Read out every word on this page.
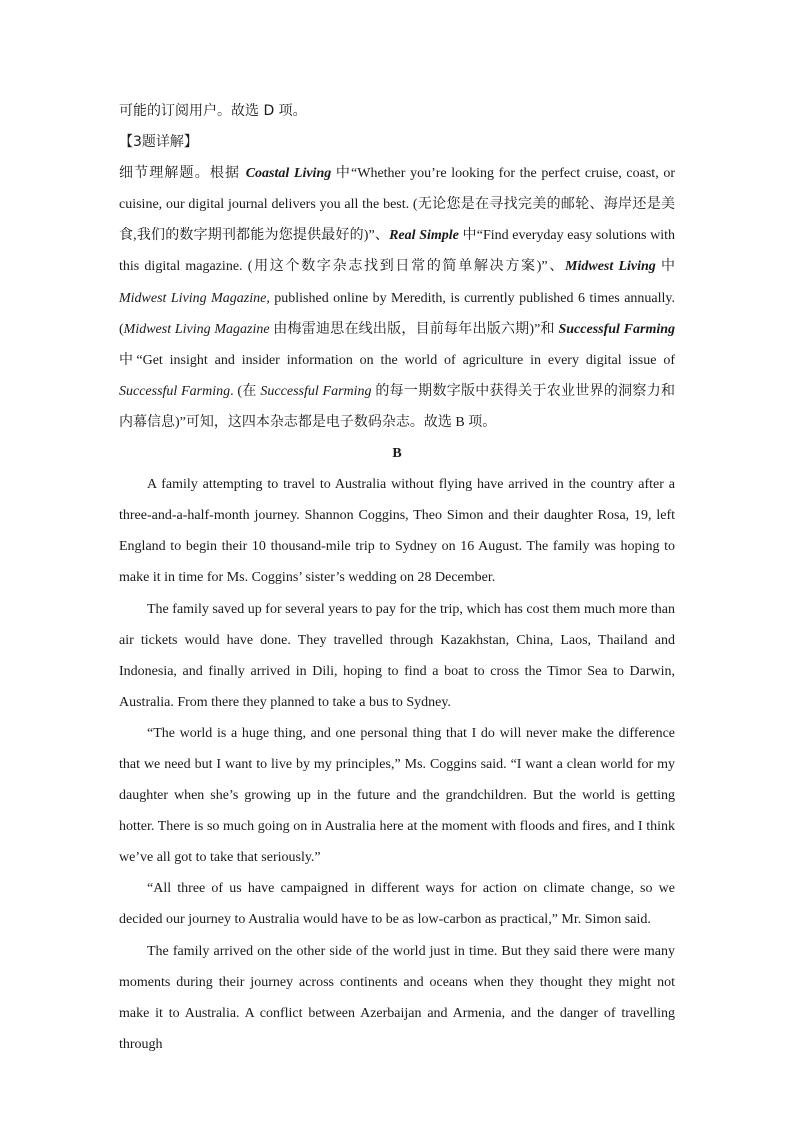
可能的订阅用户。故选 D 项。

【3题详解】

细节理解题。根据 Coastal Living 中“Whether you’re looking for the perfect cruise, coast, or cuisine, our digital journal delivers you all the best. (无论您是在寻找完美的邮轮、海岸还是美食,我们的数字期刊都能为您提供最好的)”、Real Simple 中“Find everyday easy solutions with this digital magazine. (用这个数字杂志找到日常的简单解决方案)”、Midwest Living 中Midwest Living Magazine, published online by Meredith, is currently published 6 times annually. (Midwest Living Magazine 由梅雷迪思在线出版，目前每年出版六期)”和 Successful Farming 中“Get insight and insider information on the world of agriculture in every digital issue of Successful Farming. (在 Successful Farming 的每一期数字版中获得关于农业世界的洞察力和内幕信息)”可知，这四本杂志都是电子数码杂志。故选 B 项。

B

A family attempting to travel to Australia without flying have arrived in the country after a three-and-a-half-month journey. Shannon Coggins, Theo Simon and their daughter Rosa, 19, left England to begin their 10 thousand-mile trip to Sydney on 16 August. The family was hoping to make it in time for Ms. Coggins’ sister’s wedding on 28 December.

The family saved up for several years to pay for the trip, which has cost them much more than air tickets would have done. They travelled through Kazakhstan, China, Laos, Thailand and Indonesia, and finally arrived in Dili, hoping to find a boat to cross the Timor Sea to Darwin, Australia. From there they planned to take a bus to Sydney.

“The world is a huge thing, and one personal thing that I do will never make the difference that we need but I want to live by my principles,” Ms. Coggins said. “I want a clean world for my daughter when she’s growing up in the future and the grandchildren. But the world is getting hotter. There is so much going on in Australia here at the moment with floods and fires, and I think we’ve all got to take that seriously.”

“All three of us have campaigned in different ways for action on climate change, so we decided our journey to Australia would have to be as low-carbon as practical,” Mr. Simon said.

The family arrived on the other side of the world just in time. But they said there were many moments during their journey across continents and oceans when they thought they might not make it to Australia. A conflict between Azerbaijan and Armenia, and the danger of travelling through
